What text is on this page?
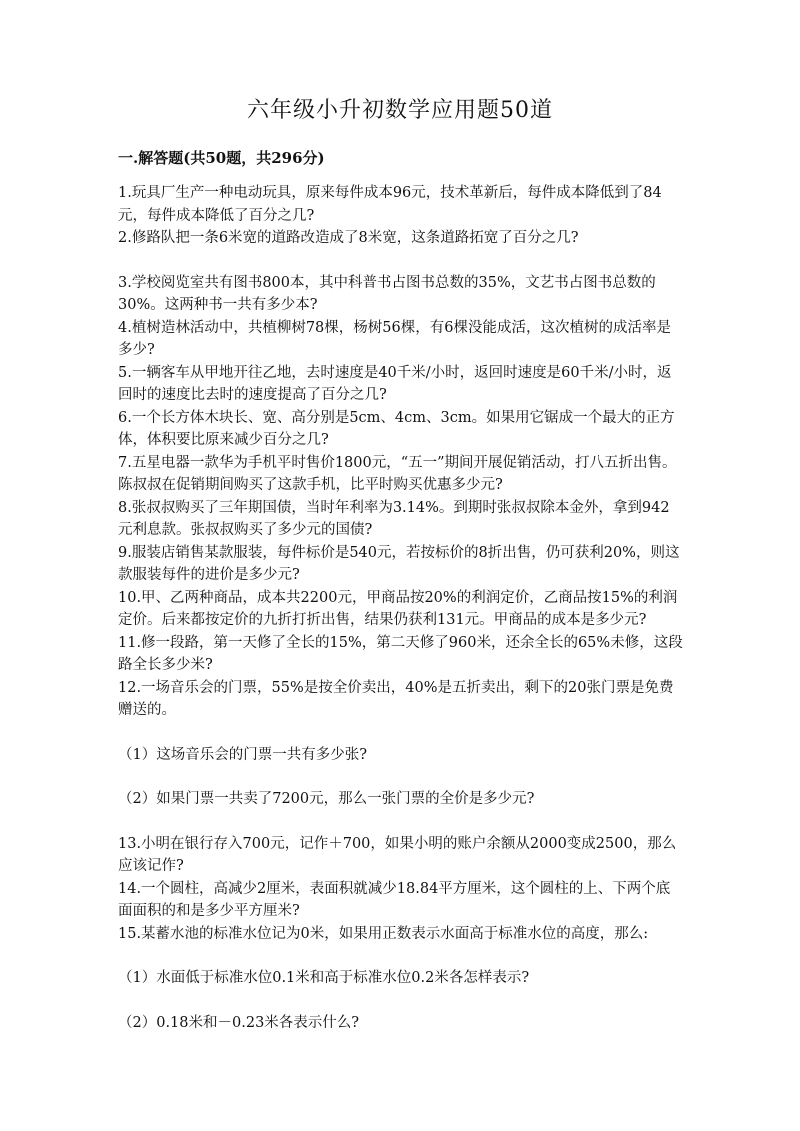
六年级小升初数学应用题50道
一.解答题(共50题，共296分)

1.玩具厂生产一种电动玩具，原来每件成本96元，技术革新后，每件成本降低到了84元，每件成本降低了百分之几?

2.修路队把一条6米宽的道路改造成了8米宽，这条道路拓宽了百分之几?

3.学校阅览室共有图书800本，其中科普书占图书总数的35%，文艺书占图书总数的30%。这两种书一共有多少本?

4.植树造林活动中，共植柳树78棵，杨树56棵，有6棵没能成活，这次植树的成活率是多少?

5.一辆客车从甲地开往乙地，去时速度是40千米/小时，返回时速度是60千米/小时，返回时的速度比去时的速度提高了百分之几?

6.一个长方体木块长、宽、高分别是5cm、4cm、3cm。如果用它锯成一个最大的正方体，体积要比原来减少百分之几?

7.五星电器一款华为手机平时售价1800元，“五一”期间开展促销活动，打八五折出售。陈叔叔在促销期间购买了这款手机，比平时购买优惠多少元?

8.张叔叔购买了三年期国债，当时年利率为3.14%。到期时张叔叔除本金外，拿到942元利息款。张叔叔购买了多少元的国债?

9.服装店销售某款服装，每件标价是540元，若按标价的8折出售，仍可获利20%，则这款服装每件的进价是多少元?

10.甲、乙两种商品，成本共2200元，甲商品按20%的利润定价，乙商品按15%的利润定价。后来都按定价的九折打折出售，结果仍获利131元。甲商品的成本是多少元?

11.修一段路，第一天修了全长的15%，第二天修了960米，还余全长的65%未修，这段路全长多少米?

12.一场音乐会的门票，55%是按全价卖出，40%是五折卖出，剩下的20张门票是免费赠送的。

（1）这场音乐会的门票一共有多少张?

（2）如果门票一共卖了7200元，那么一张门票的全价是多少元?

13.小明在银行存入700元，记作＋700，如果小明的账户余额从2000变成2500，那么应该记作?

14.一个圆柱，高减少2厘米，表面积就减少18.84平方厘米，这个圆柱的上、下两个底面面积的和是多少平方厘米?

15.某蓄水池的标准水位记为0米，如果用正数表示水面高于标准水位的高度，那么:

（1）水面低于标准水位0.1米和高于标准水位0.2米各怎样表示?

（2）0.18米和－0.23米各表示什么?
